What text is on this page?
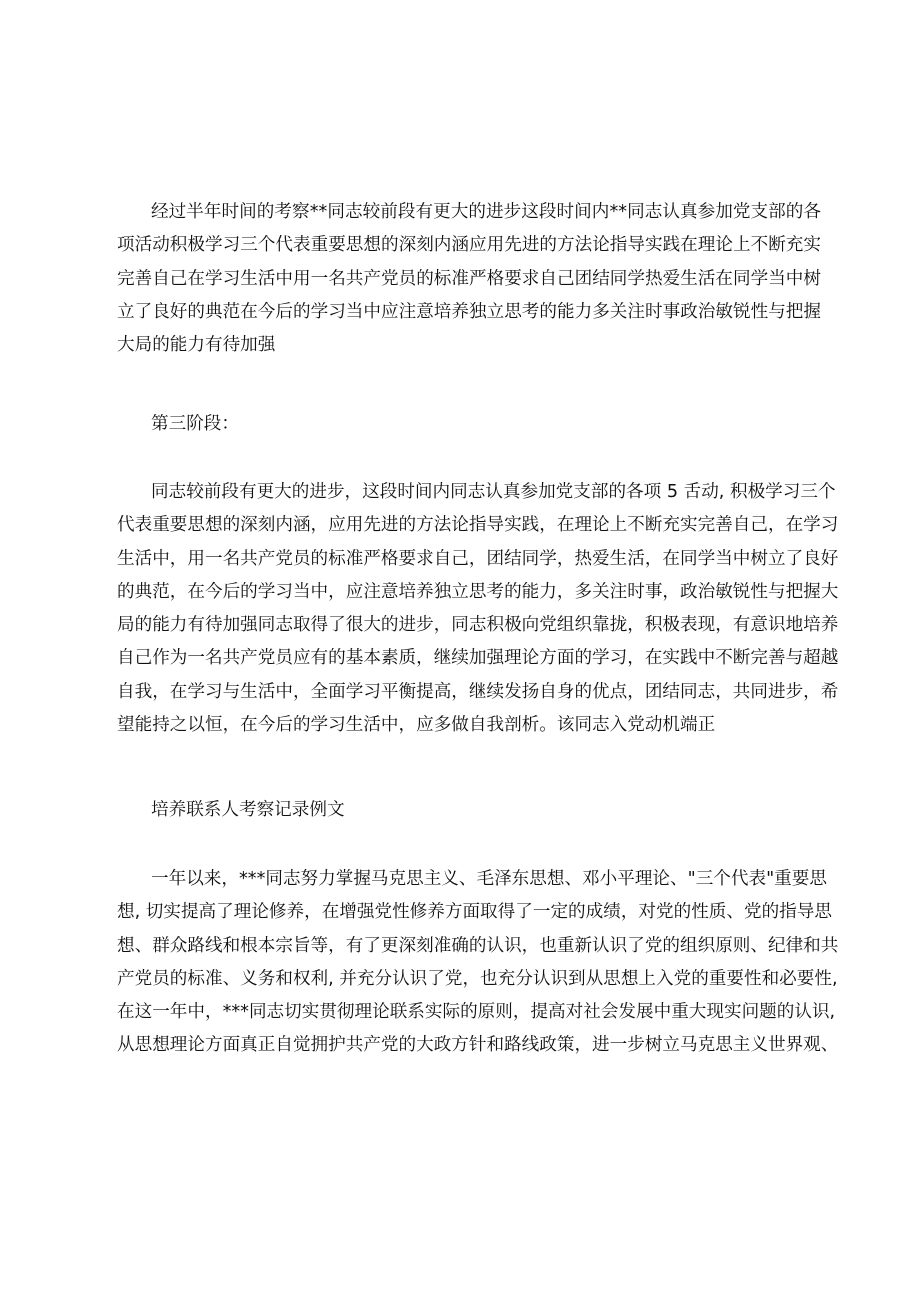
经过半年时间的考察**同志较前段有更大的进步这段时间内**同志认真参加党支部的各
项活动积极学习三个代表重要思想的深刻内涵应用先进的方法论指导实践在理论上不断充实
完善自己在学习生活中用一名共产党员的标准严格要求自己团结同学热爱生活在同学当中树
立了良好的典范在今后的学习当中应注意培养独立思考的能力多关注时事政治敏锐性与把握
大局的能力有待加强

第三阶段：

同志较前段有更大的进步，这段时间内同志认真参加党支部的各项 5 舌动, 积极学习三个
代表重要思想的深刻内涵，应用先进的方法论指导实践，在理论上不断充实完善自己，在学习
生活中，用一名共产党员的标准严格要求自己，团结同学，热爱生活，在同学当中树立了良好
的典范，在今后的学习当中，应注意培养独立思考的能力，多关注时事，政治敏锐性与把握大
局的能力有待加强同志取得了很大的进步，同志积极向党组织靠拢，积极表现，有意识地培养
自己作为一名共产党员应有的基本素质，继续加强理论方面的学习，在实践中不断完善与超越
自我，在学习与生活中，全面学习平衡提高，继续发扬自身的优点，团结同志，共同进步，希
望能持之以恒，在今后的学习生活中，应多做自我剖析。该同志入党动机端正

培养联系人考察记录例文

一年以来，***同志努力掌握马克思主义、毛泽东思想、邓小平理论、"三个代表"重要思
想, 切实提高了理论修养，在增强党性修养方面取得了一定的成绩，对党的性质、党的指导思
想、群众路线和根本宗旨等，有了更深刻准确的认识，也重新认识了党的组织原则、纪律和共
产党员的标准、义务和权利, 并充分认识了党，也充分认识到从思想上入党的重要性和必要性,
在这一年中，***同志切实贯彻理论联系实际的原则，提高对社会发展中重大现实问题的认识,
从思想理论方面真正自觉拥护共产党的大政方针和路线政策，进一步树立马克思主义世界观、
